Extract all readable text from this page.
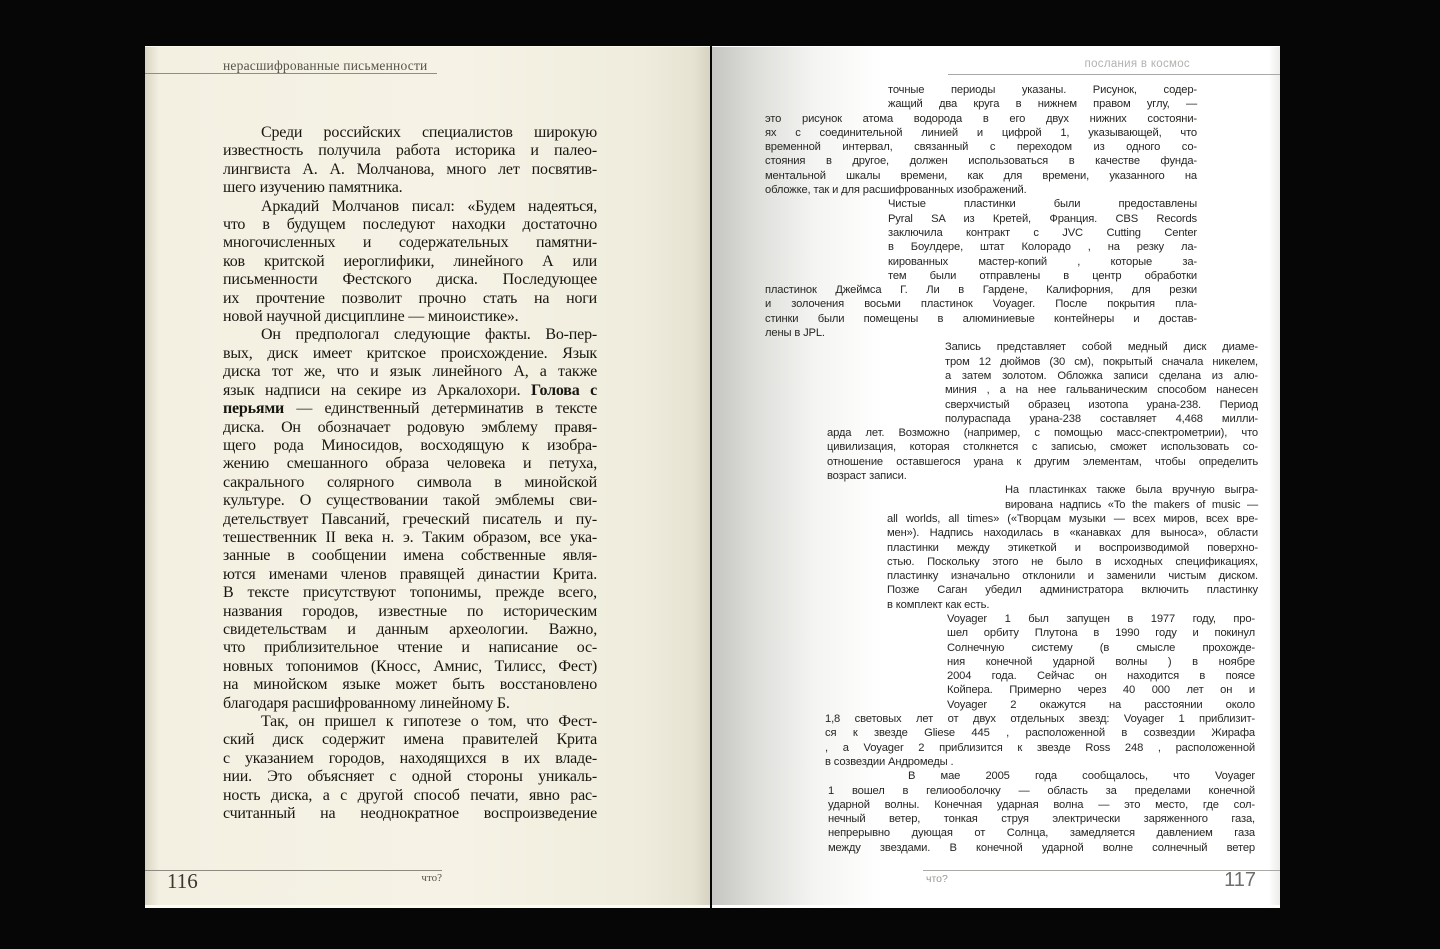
нерасшифрованные письменности
Среди российских специалистов широкую
известность получила работа историка и палео-
лингвиста А. А. Молчанова, много лет посвятив-
шего изучению памятника.
Аркадий Молчанов писал: «Будем надеяться,
что в будущем последуют находки достаточно
многочисленных и содержательных памятни-
ков критской иероглифики, линейного А или
письменности Фестского диска. Последующее
их прочтение позволит прочно стать на ноги
новой научной дисциплине — миноистике».
Он предпологал следующие факты. Во-пер-
вых, диск имеет критское происхождение. Язык
диска тот же, что и язык линейного А, а также
язык надписи на секире из Аркалохори. Голова с
перьями — единственный детерминатив в тексте
диска. Он обозначает родовую эмблему правя-
щего рода Миносидов, восходящую к изобра-
жению смешанного образа человека и петуха,
сакрального солярного символа в минойской
культуре. О существовании такой эмблемы сви-
детельствует Павсаний, греческий писатель и пу-
тешественник II века н. э. Таким образом, все ука-
занные в сообщении имена собственные явля-
ются именами членов правящей династии Крита.
В тексте присутствуют топонимы, прежде всего,
названия городов, известные по историческим
свидетельствам и данным археологии. Важно,
что приблизительное чтение и написание ос-
новных топонимов (Кносс, Амнис, Тилисс, Фест)
на минойском языке может быть восстановлено
благодаря расшифрованному линейному Б.
Так, он пришел к гипотезе о том, что Фест-
ский диск содержит имена правителей Крита
с указанием городов, находящихся в их владе-
нии. Это объясняет с одной стороны уникаль-
ность диска, а с другой способ печати, явно рас-
считанный на неоднократное воспроизведение
что?
116
послания в космос
точные периоды указаны. Рисунок, содер-
жащий два круга в нижнем правом углу, —
это рисунок атома водорода в его двух нижних состояни-
ях с соединительной линией и цифрой 1, указывающей, что
временной интервал, связанный с переходом из одного со-
стояния в другое, должен использоваться в качестве фунда-
ментальной шкалы времени, как для времени, указанного на
обложке, так и для расшифрованных изображений.
Чистые пластинки были предоставлены
Pyral SA из Кретей, Франция. CBS Records
заключила контракт с JVC Cutting Center
в Боулдере, штат Колорадо , на резку ла-
кированных мастер-копий , которые за-
тем были отправлены в центр обработки
пластинок Джеймса Г. Ли в Гардене, Калифорния, для резки
и золочения восьми пластинок Voyager. После покрытия пла-
стинки были помещены в алюминиевые контейнеры и достав-
лены в JPL.
Запись представляет собой медный диск диаме-
тром 12 дюймов (30 см), покрытый сначала никелем,
а затем золотом. Обложка записи сделана из алю-
миния , а на нее гальваническим способом нанесен
сверхчистый образец изотопа урана-238. Период
полураспада урана-238 составляет 4,468 милли-
арда лет. Возможно (например, с помощью масс-спектрометрии), что
цивилизация, которая столкнется с записью, сможет использовать со-
отношение оставшегося урана к другим элементам, чтобы определить
возраст записи.
На пластинках также была вручную выгра-
вирована надпись «To the makers of music —
all worlds, all times» («Творцам музыки — всех миров, всех вре-
мен»). Надпись находилась в «канавках для выноса», области
пластинки между этикеткой и воспроизводимой поверхно-
стью. Поскольку этого не было в исходных спецификациях,
пластинку изначально отклонили и заменили чистым диском.
Позже Саган убедил администратора включить пластинку
в комплект как есть.
Voyager 1 был запущен в 1977 году, про-
шел орбиту Плутона в 1990 году и покинул
Солнечную систему (в смысле прохожде-
ния конечной ударной волны ) в ноябре
2004 года. Сейчас он находится в поясе
Койпера. Примерно через 40 000 лет он и
Voyager 2 окажутся на расстоянии около
1,8 световых лет от двух отдельных звезд: Voyager 1 приблизит-
ся к звезде Gliese 445 , расположенной в созвездии Жирафа
, а Voyager 2 приблизится к звезде Ross 248 , расположенной
в созвездии Андромеды .
В мае 2005 года сообщалось, что Voyager
1 вошел в гелиооболочку — область за пределами конечной
ударной волны. Конечная ударная волна — это место, где сол-
нечный ветер, тонкая струя электрически заряженного газа,
непрерывно дующая от Солнца, замедляется давлением газа
между звездами. В конечной ударной волне солнечный ветер
что?	117
